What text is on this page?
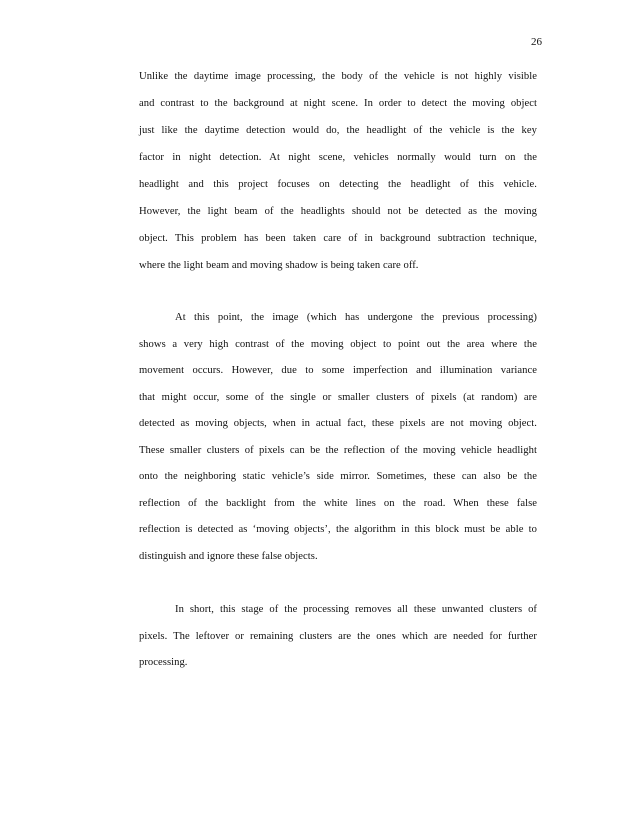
26
Unlike the daytime image processing, the body of the vehicle is not highly visible
and contrast to the background at night scene. In order to detect the moving object
just like the daytime detection would do, the headlight of the vehicle is the key
factor in night detection. At night scene, vehicles normally would turn on the
headlight and this project focuses on detecting the headlight of this vehicle.
However, the light beam of the headlights should not be detected as the moving
object. This problem has been taken care of in background subtraction technique,
where the light beam and moving shadow is being taken care off.
At this point, the image (which has undergone the previous processing)
shows a very high contrast of the moving object to point out the area where the
movement occurs. However, due to some imperfection and illumination variance
that might occur, some of the single or smaller clusters of pixels (at random) are
detected as moving objects, when in actual fact, these pixels are not moving object.
These smaller clusters of pixels can be the reflection of the moving vehicle headlight
onto the neighboring static vehicle’s side mirror. Sometimes, these can also be the
reflection of the backlight from the white lines on the road. When these false
reflection is detected as ‘moving objects’, the algorithm in this block must be able to
distinguish and ignore these false objects.
In short, this stage of the processing removes all these unwanted clusters of
pixels. The leftover or remaining clusters are the ones which are needed for further
processing.
